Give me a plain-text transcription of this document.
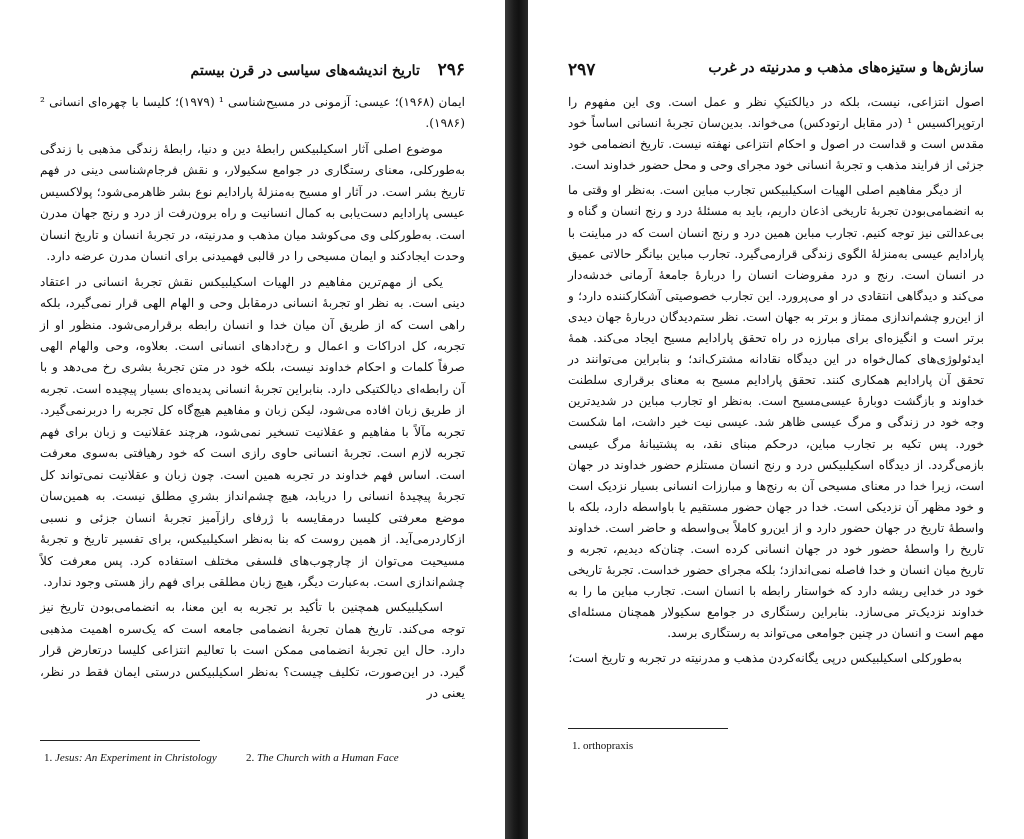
۲۹۶  تاریخ اندیشه‌های سیاسی در قرن بیستم

ایمان (۱۹۶۸)؛ عیسی: آزمونی در مسیح‌شناسی ¹ (۱۹۷۹)؛ کلیسا با چهره‌ای انسانی ² (۱۹۸۶).

موضوع اصلی آثار اسکیلبیکس رابطهٔ دین و دنیا، رابطهٔ زندگی مذهبی با زندگی به‌طورکلی، معنای رستگاری در جوامع سکیولار، و نقش فرجام‌شناسی دینی در فهم تاریخ بشر است. در آثار او مسیح به‌منزلهٔ پارادایم نوع بشر ظاهرمی‌شود؛ پولاکسیس عیسی پارادایم دست‌یابی به کمال انسانیت و راه برون‌رفت از درد و رنج جهان مدرن است. به‌طورکلی وی می‌کوشد میان مذهب و مدرنیته، در تجربهٔ انسان و تاریخ انسان وحدت ایجادکند و ایمان مسیحی را در قالبی فهمیدنی برای انسان مدرن عرضه دارد.

یکی از مهم‌ترین مفاهیم در الهیات اسکیلبیکس نقش تجربهٔ انسانی در اعتقاد دینی است. به نظر او تجربهٔ انسانی درمقابل وحی و الهام الهی قرار نمی‌گیرد، بلکه راهی است که از طریق آن میان خدا و انسان رابطه برقرارمی‌شود. منظور او از تجربه، کل ادراکات و اعمال و رخ‌دادهای انسانی است. بعلاوه، وحی والهام الهی صرفاً کلمات و احکام خداوند نیست، بلکه خود در متن تجربهٔ بشری رخ می‌دهد و با آن رابطه‌ای دیالکتیکی دارد. بنابراین تجربهٔ انسانی پدیده‌ای بسیار پیچیده است. تجربه از طریق زبان افاده می‌شود، لیکن زبان و مفاهیم هیچ‌گاه کل تجربه را دربرنمی‌گیرد. تجربه مآلاً با مفاهیم و عقلانیت تسخیر نمی‌شود، هرچند عقلانیت و زبان برای فهم تجربه لازم است. تجربهٔ انسانی حاوی رازی است که خود رهیافتی به‌سوی معرفت است. اساس فهم خداوند در تجربه همین است. چون زبان و عقلانیت نمی‌تواند کل تجربهٔ پیچیدهٔ انسانی را دریابد، هیچ چشم‌انداز بشریِ مطلق نیست. به همین‌سان موضع معرفتی کلیسا درمقایسه با ژرفای رازآمیز تجربهٔ انسان جزئی و نسبی ازکاردرمی‌آید. از همین روست که بنا به‌نظر اسکیلبیکس، برای تفسیر تاریخ و تجربهٔ مسیحیت می‌توان از چارچوب‌های فلسفی مختلف استفاده کرد. پس معرفت کلاً چشم‌اندازی است. به‌عبارت دیگر، هیچ زبان مطلقی برای فهم راز هستی وجود ندارد.

اسکیلبیکس همچنین با تأکید بر تجربه به این معنا، به انضمامی‌بودن تاریخ نیز توجه می‌کند. تاریخ همان تجربهٔ انضمامی جامعه است که یک‌سره اهمیت مذهبی دارد. حال این تجربهٔ انضمامی ممکن است با تعالیم انتزاعی کلیسا درتعارض قرار گیرد. در این‌صورت، تکلیف چیست؟ به‌نظر اسکیلبیکس درستی ایمان فقط در نظر، یعنی در

1. Jesus: An Experiment in Christology	2. The Church with a Human Face
سازش‌ها و ستیزه‌های مذهب و مدرنیته در غرب
۲۹۷

اصول انتزاعی، نیست، بلکه در دیالکتیکِ نظر و عمل است. وی این مفهوم را ارتوپراکسیس ¹ (در مقابل ارتودکس) می‌خواند. بدین‌سان تجربهٔ انسانی اساساً خود مقدس است و قداست در اصول و احکام انتزاعی نهفته نیست. تاریخ انضمامی خود جزئی از فرایند مذهب و تجربهٔ انسانی خود مجرای وحی و محل حضور خداوند است.

از دیگر مفاهیم اصلی الهیات اسکیلبیکس تجارب مباین است. به‌نظر او وقتی ما به انضمامی‌بودن تجربهٔ تاریخی اذعان داریم، باید به مسئلهٔ درد و رنج انسان و گناه و بی‌عدالتی نیز توجه کنیم. تجارب مباین همین درد و رنج انسان است که در مباینت با پارادایم عیسی به‌منزلهٔ الگوی زندگی قرارمی‌گیرد. تجارب مباین بیانگر حالاتی عمیق در انسان است. رنج و درد مفروضات انسان را دربارهٔ جامعهٔ آرمانی خدشه‌دار می‌کند و دیدگاهی انتقادی در او می‌پرورد. این تجارب خصوصیتی آشکارکننده دارد؛ و از این‌رو چشم‌اندازی ممتاز و برتر به جهان است. نظر ستم‌دیدگان دربارهٔ جهان دیدی برتر است و انگیزه‌ای برای مبارزه در راه تحقق پارادایم مسیح ایجاد می‌کند. همهٔ ایدئولوژی‌های کمال‌خواه در این دیدگاه نقادانه مشترک‌اند؛ و بنابراین می‌توانند در تحقق آن پارادایم همکاری کنند. تحقق پارادایم مسیح به معنای برقراری سلطنت خداوند و بازگشت دوبارهٔ عیسی‌مسیح است. به‌نظر او تجارب مباین در شدیدترین وجه خود در زندگی و مرگ عیسی ظاهر شد. عیسی نیت خیر داشت، اما شکست خورد. پس تکیه بر تجارب مباین، درحکم مبنای نقد، به پشتیبانهٔ مرگ عیسی بازمی‌گردد. از دیدگاه اسکیلبیکس درد و رنج انسان مستلزم حضور خداوند در جهان است، زیرا خدا در معنای مسیحی آن به رنج‌ها و مبارزات انسانی بسیار نزدیک است و خود مظهر آن نزدیکی است. خدا در جهان حضور مستقیم یا باواسطه دارد، بلکه با واسطهٔ تاریخ در جهان حضور دارد و از این‌رو کاملاً بی‌واسطه و حاضر است. خداوند تاریخ را واسطهٔ حضور خود در جهان انسانی کرده است. چنان‌که دیدیم، تجربه و تاریخ میان انسان و خدا فاصله نمی‌اندازد؛ بلکه مجرای حضور خداست. تجربهٔ تاریخی خود در خدایی ریشه دارد که خواستار رابطه با انسان است. تجارب مباین ما را به خداوند نزدیک‌تر می‌سازد. بنابراین رستگاری در جوامع سکیولار همچنان مسئله‌ای مهم است و انسان در چنین جوامعی می‌تواند به رستگاری برسد.

به‌طورکلی اسکیلبیکس درپی یگانه‌کردن مذهب و مدرنیته در تجربه و تاریخ است؛

1. orthopraxis
